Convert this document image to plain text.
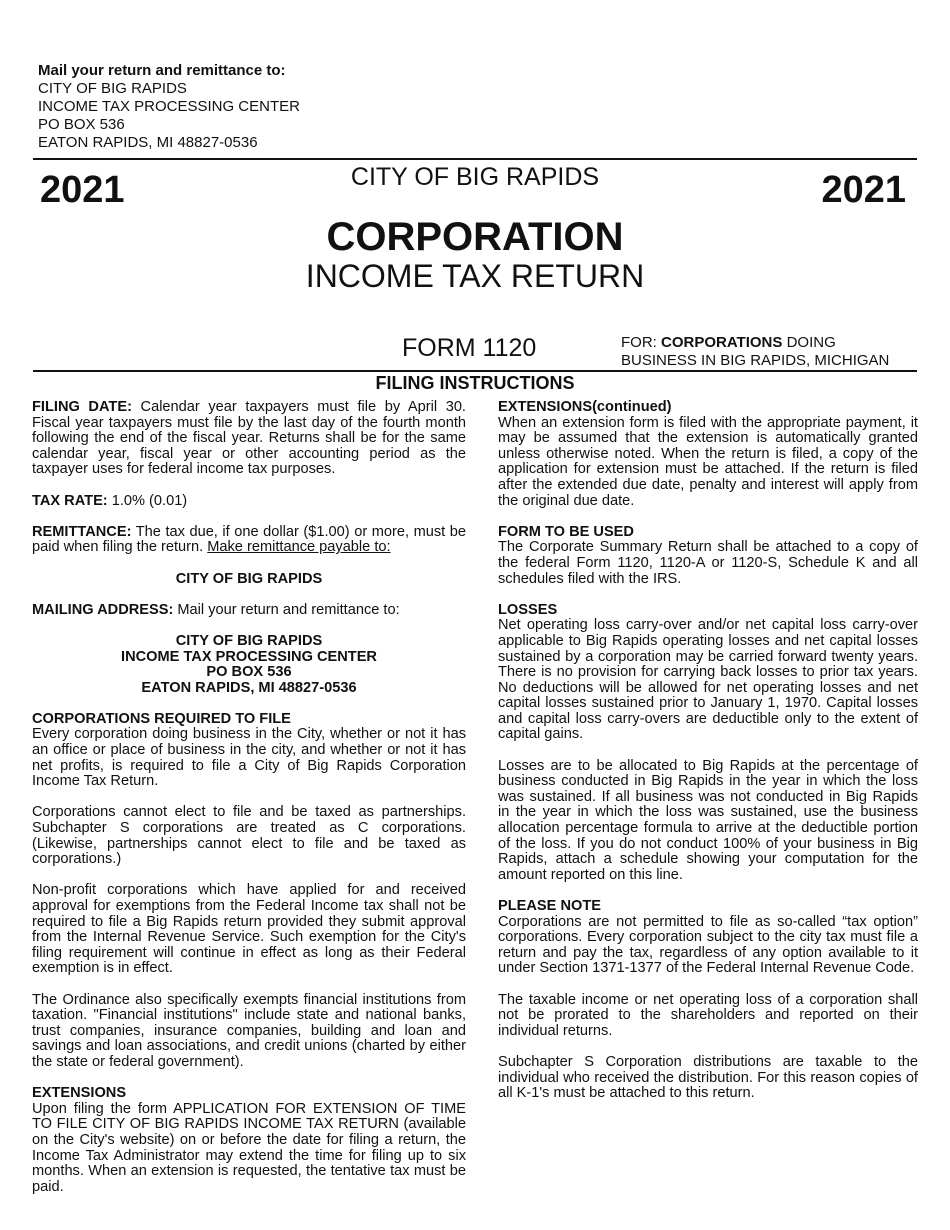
Mail your return and remittance to:
CITY OF BIG RAPIDS
INCOME TAX PROCESSING CENTER
PO BOX 536
EATON RAPIDS, MI 48827-0536
2021	2021
CITY OF BIG RAPIDS
CORPORATION
INCOME TAX RETURN
FORM 1120	FOR: CORPORATIONS DOING
BUSINESS IN BIG RAPIDS, MICHIGAN
FILING INSTRUCTIONS

FILING DATE: Calendar year taxpayers must file by April 30. Fiscal year taxpayers must file by the last day of the fourth month following the end of the fiscal year. Returns shall be for the same calendar year, fiscal year or other accounting period as the taxpayer uses for federal income tax purposes.

TAX RATE: 1.0% (0.01)

REMITTANCE: The tax due, if one dollar ($1.00) or more, must be paid when filing the return. Make remittance payable to:

CITY OF BIG RAPIDS

MAILING ADDRESS: Mail your return and remittance to:

CITY OF BIG RAPIDS

INCOME TAX PROCESSING CENTER

PO BOX 536

EATON RAPIDS, MI 48827-0536

CORPORATIONS REQUIRED TO FILE

Every corporation doing business in the City, whether or not it has an office or place of business in the city, and whether or not it has net profits, is required to file a City of Big Rapids Corporation Income Tax Return.

Corporations cannot elect to file and be taxed as partnerships. Subchapter S corporations are treated as C corporations. (Likewise, partnerships cannot elect to file and be taxed as corporations.)

Non-profit corporations which have applied for and received approval for exemptions from the Federal Income tax shall not be required to file a Big Rapids return provided they submit approval from the Internal Revenue Service. Such exemption for the City's filing requirement will continue in effect as long as their Federal exemption is in effect.

The Ordinance also specifically exempts financial institutions from taxation. "Financial institutions" include state and national banks, trust companies, insurance companies, building and loan and savings and loan associations, and credit unions (charted by either the state or federal government).

EXTENSIONS

Upon filing the form APPLICATION FOR EXTENSION OF TIME TO FILE CITY OF BIG RAPIDS INCOME TAX RETURN (available on the City's website) on or before the date for filing a return, the Income Tax Administrator may extend the time for filing up to six months. When an extension is requested, the tentative tax must be paid.

EXTENSIONS(continued)

When an extension form is filed with the appropriate payment, it may be assumed that the extension is automatically granted unless otherwise noted. When the return is filed, a copy of the application for extension must be attached. If the return is filed after the extended due date, penalty and interest will apply from the original due date.

FORM TO BE USED

The Corporate Summary Return shall be attached to a copy of the federal Form 1120, 1120-A or 1120-S, Schedule K and all schedules filed with the IRS.

LOSSES

Net operating loss carry-over and/or net capital loss carry-over applicable to Big Rapids operating losses and net capital losses sustained by a corporation may be carried forward twenty years. There is no provision for carrying back losses to prior tax years. No deductions will be allowed for net operating losses and net capital losses sustained prior to January 1, 1970. Capital losses and capital loss carry-overs are deductible only to the extent of capital gains.

Losses are to be allocated to Big Rapids at the percentage of business conducted in Big Rapids in the year in which the loss was sustained. If all business was not conducted in Big Rapids in the year in which the loss was sustained, use the business allocation percentage formula to arrive at the deductible portion of the loss. If you do not conduct 100% of your business in Big Rapids, attach a schedule showing your computation for the amount reported on this line.

PLEASE NOTE

Corporations are not permitted to file as so-called “tax option” corporations. Every corporation subject to the city tax must file a return and pay the tax, regardless of any option available to it under Section 1371-1377 of the Federal Internal Revenue Code.

The taxable income or net operating loss of a corporation shall not be prorated to the shareholders and reported on their individual returns.

Subchapter S Corporation distributions are taxable to the individual who received the distribution. For this reason copies of all K-1's must be attached to this return.
